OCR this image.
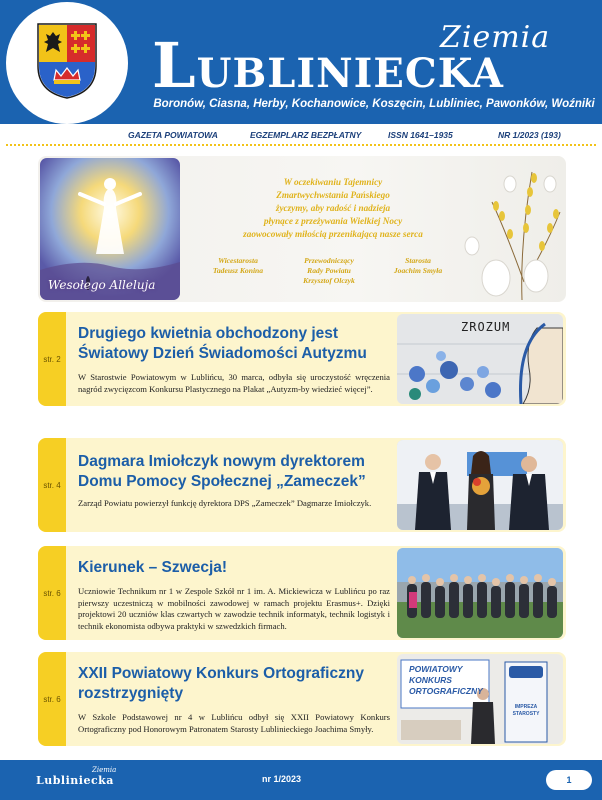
Ziemia
LUBLINIECKA
Boronów, Ciasna, Herby, Kochanowice, Koszęcin, Lubliniec, Pawonków, Woźniki
GAZETA POWIATOWA	EGZEMPLARZ BEZPŁATNY	ISSN 1641–1935	NR 1/2023 (193)
Wesołego Alleluja
W oczekiwaniu Tajemnicy
Zmartwychwstania Pańskiego
życzymy, aby radość i nadzieja
płynące z przeżywania Wielkiej Nocy
zaowocowały miłością przenikającą nasze serca
Wicestarosta
Tadeusz Konina
Przewodniczący
Rady Powiatu
Krzysztof Olczyk
Starosta
Joachim Smyła
str. 2
Drugiego kwietnia obchodzony jest
Światowy Dzień Świadomości Autyzmu
W Starostwie Powiatowym w Lublińcu, 30 marca, odbyła się uroczystość wręczenia nagród zwycięzcom Konkursu Plastycznego na Plakat „Autyzm-by wiedzieć więcej”.
ZROZUM
str. 4
Dagmara Imiołczyk nowym dyrektorem
Domu Pomocy Społecznej „Zameczek”
Zarząd Powiatu powierzył funkcję dyrektora DPS „Zameczek” Dagmarze Imiołczyk.
str. 6
Kierunek – Szwecja!
Uczniowie Technikum nr 1 w Zespole Szkół nr 1 im. A. Mickiewicza w Lublińcu po raz pierwszy uczestniczą w mobilności zawodowej w ramach projektu Erasmus+. Dzięki projektowi 20 uczniów klas czwartych w zawodzie technik informatyk, technik logistyk i technik ekonomista odbywa praktyki w szwedzkich firmach.
str. 6
XXII Powiatowy Konkurs Ortograficzny
rozstrzygnięty
W Szkole Podstawowej nr 4 w Lublińcu odbył się XXII Powiatowy Konkurs Ortograficzny pod Honorowym Patronatem Starosty Lublinieckiego Joachima Smyły.
POWIATOWY
KONKURS
ORTOGRAFICZNY
IMPREZA
STAROSTY
Ziemia
Lubliniecka	nr 1/2023	1
